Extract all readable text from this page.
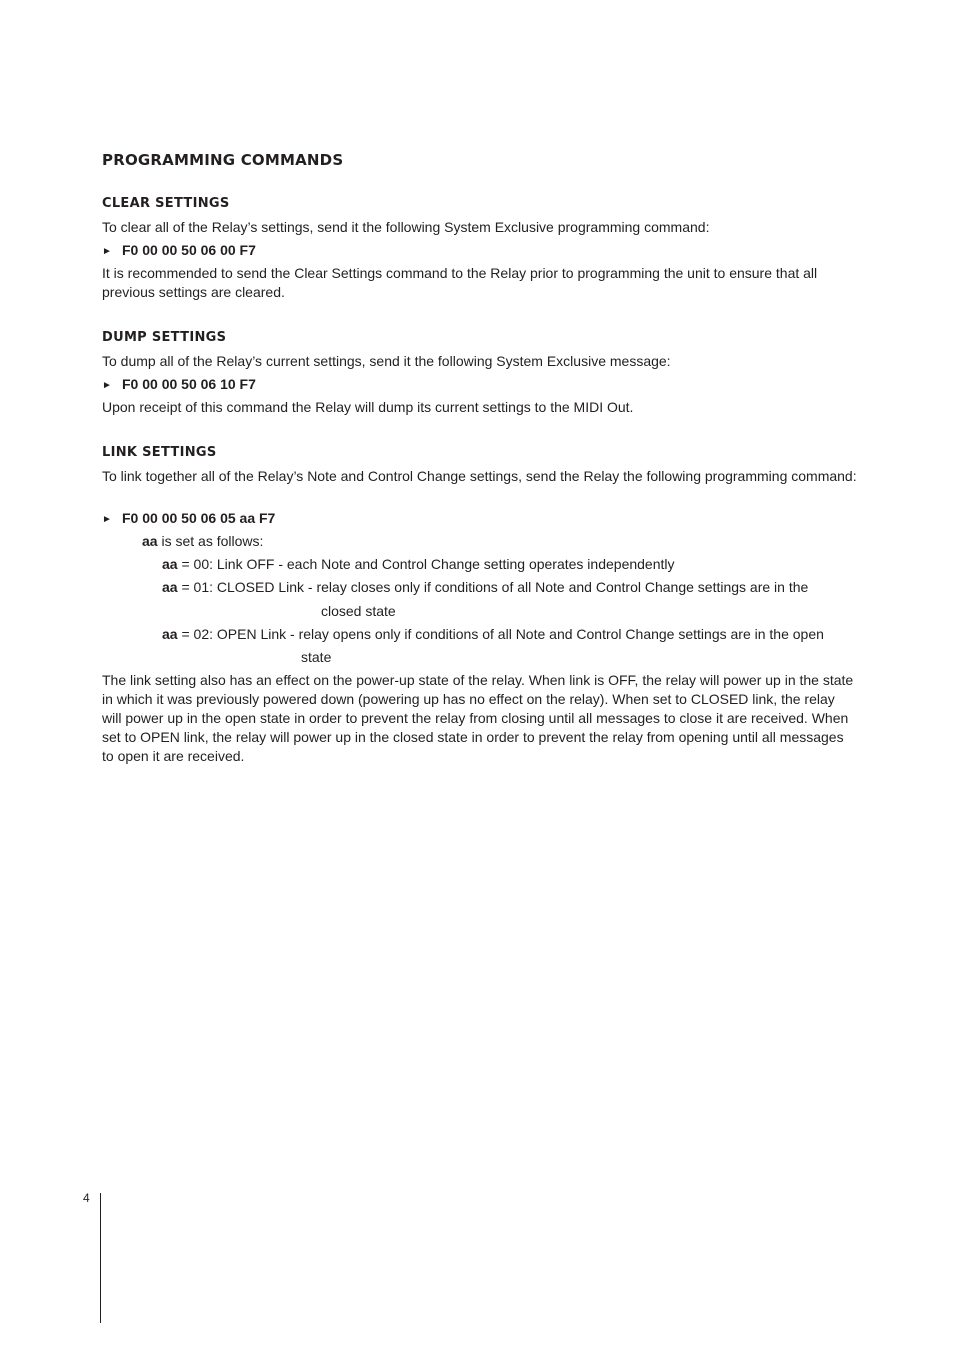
PROGRAMMING COMMANDS
CLEAR SETTINGS

To clear all of the Relay’s settings, send it the following System Exclusive programming command:

► F0 00 00 50 06 00 F7

It is recommended to send the Clear Settings command to the Relay prior to programming the unit to ensure that all previous settings are cleared.

DUMP SETTINGS

To dump all of the Relay’s current settings, send it the following System Exclusive message:

► F0 00 00 50 06 10 F7

Upon receipt of this command the Relay will dump its current settings to the MIDI Out.

LINK SETTINGS

To link together all of the Relay’s Note and Control Change settings, send the Relay the following programming command:

► F0 00 00 50 06 05 aa F7

aa is set as follows:

aa = 00: Link OFF - each Note and Control Change setting operates independently

aa = 01: CLOSED Link - relay closes only if conditions of all Note and Control Change settings are in the

closed state

aa = 02: OPEN Link - relay opens only if conditions of all Note and Control Change settings are in the open

state

The link setting also has an effect on the power-up state of the relay. When link is OFF, the relay will power up in the state in which it was previously powered down (powering up has no effect on the relay). When set to CLOSED link, the relay will power up in the open state in order to prevent the relay from closing until all messages to close it are received. When set to OPEN link, the relay will power up in the closed state in order to prevent the relay from opening until all messages to open it are received.

4
